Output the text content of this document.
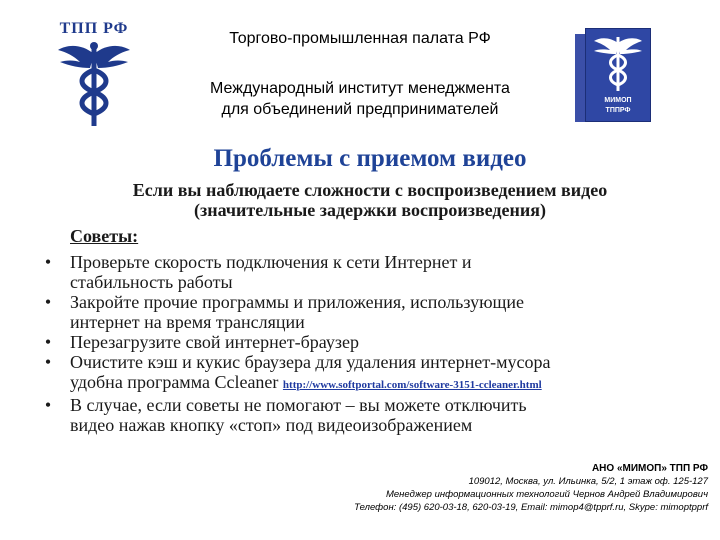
ТПП РФ
Торгово-промышленная палата РФ
Международный институт менеджмента
для объединений предпринимателей
МИМОП
ТППРФ
Проблемы с приемом видео
Если вы наблюдаете сложности с воспроизведением видео
(значительные задержки воспроизведения)
Советы:
•	Проверьте скорость подключения к сети Интернет и
стабильность работы
•	Закройте прочие программы и приложения, использующие
интернет на время трансляции
•	Перезагрузите свой интернет-браузер
•	Очистите кэш и кукис браузера для удаления интернет-мусора
удобна программа Ccleaner http://www.softportal.com/software-3151-ccleaner.html
•	В случае, если советы не помогают – вы можете отключить
видео нажав кнопку «стоп» под видеоизображением
АНО «МИМОП» ТПП РФ
109012, Москва, ул. Ильинка, 5/2, 1 этаж оф. 125-127
Менеджер информационных технологий Чернов Андрей Владимирович
Телефон: (495) 620-03-18, 620-03-19, Email: mimop4@tpprf.ru, Skype: mimoptpprf
